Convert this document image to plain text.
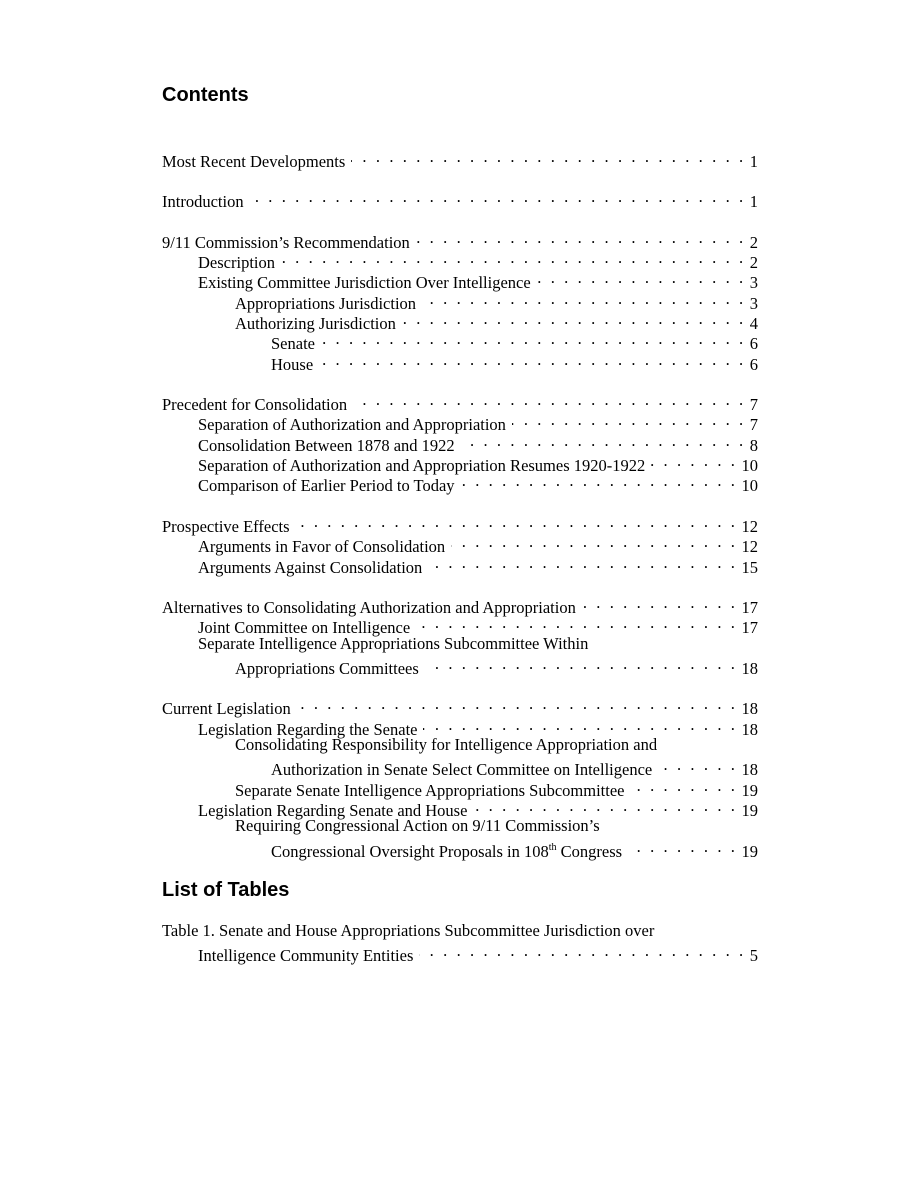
Contents
Most Recent Developments . . .	1
Introduction . . .	1
9/11 Commission’s Recommendation . . .	2
Description . . .	2
Existing Committee Jurisdiction Over Intelligence . . .	3
Appropriations Jurisdiction . . .	3
Authorizing Jurisdiction . . .	4
Senate . . .	6
House . . .	6
Precedent for Consolidation . . .	7
Separation of Authorization and Appropriation . . .	7
Consolidation Between 1878 and 1922 . . .	8
Separation of Authorization and Appropriation Resumes 1920-1922 . . .	10
Comparison of Earlier Period to Today . . .	10
Prospective Effects . . .	12
Arguments in Favor of Consolidation . . .	12
Arguments Against Consolidation . . .	15
Alternatives to Consolidating Authorization and Appropriation . . .	17
Joint Committee on Intelligence . . .	17
Separate Intelligence Appropriations Subcommittee Within
Appropriations Committees . . .	18
Current Legislation . . .	18
Legislation Regarding the Senate . . .	18
Consolidating Responsibility for Intelligence Appropriation and
Authorization in Senate Select Committee on Intelligence . . .	18
Separate Senate Intelligence Appropriations Subcommittee . . .	19
Legislation Regarding Senate and House . . .	19
Requiring Congressional Action on 9/11 Commission’s
Congressional Oversight Proposals in 108th Congress . . .	19
List of Tables
Table 1. Senate and House Appropriations Subcommittee Jurisdiction over
Intelligence Community Entities . . .	5
